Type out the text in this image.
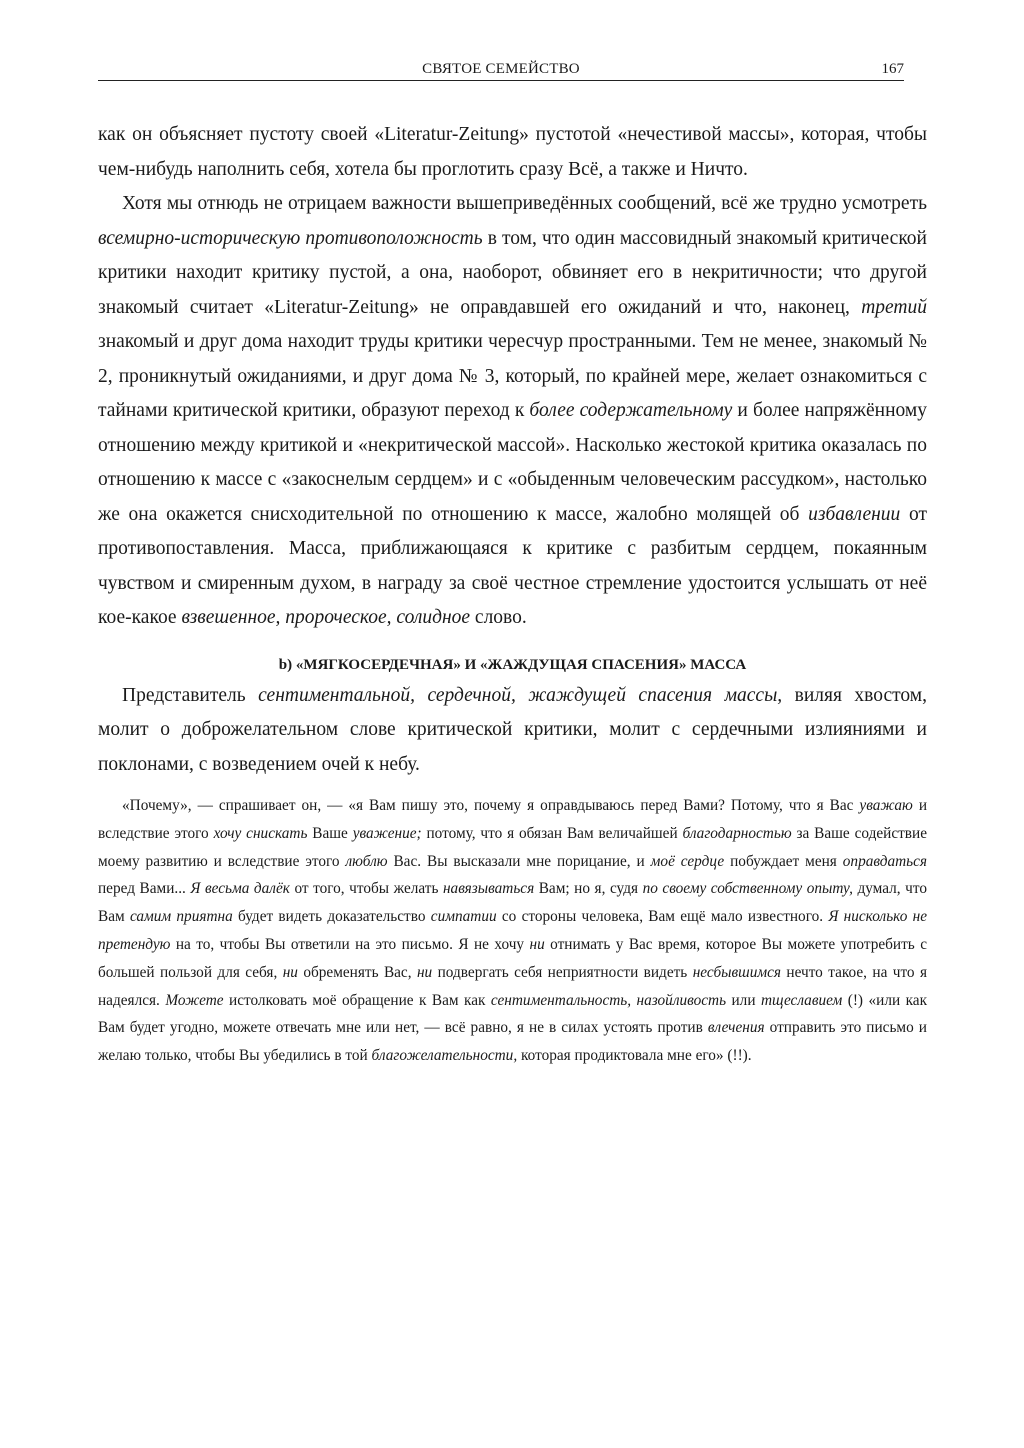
СВЯТОЕ СЕМЕЙСТВО	167

как он объясняет пустоту своей «Literatur-Zeitung» пустотой «нечестивой массы», которая, чтобы чем-нибудь наполнить себя, хотела бы проглотить сразу Всё, а также и Ничто.

Хотя мы отнюдь не отрицаем важности вышеприведённых сообщений, всё же трудно усмотреть всемирно-историческую противоположность в том, что один массовидный знакомый критической критики находит критику пустой, а она, наоборот, обвиняет его в некритичности; что другой знакомый считает «Literatur-Zeitung» не оправдавшей его ожиданий и что, наконец, третий знакомый и друг дома находит труды критики чересчур пространными. Тем не менее, знакомый № 2, проникнутый ожиданиями, и друг дома № 3, который, по крайней мере, желает ознакомиться с тайнами критической критики, образуют переход к более содержательному и более напряжённому отношению между критикой и «некритической массой». Насколько жестокой критика оказалась по отношению к массе с «закоснелым сердцем» и с «обыденным человеческим рассудком», настолько же она окажется снисходительной по отношению к массе, жалобно молящей об избавлении от противопоставления. Масса, приближающаяся к критике с разбитым сердцем, покаянным чувством и смиренным духом, в награду за своё честное стремление удостоится услышать от неё кое-какое взвешенное, пророческое, солидное слово.

b) «МЯГКОСЕРДЕЧНАЯ» И «ЖАЖДУЩАЯ СПАСЕНИЯ» МАССА

Представитель сентиментальной, сердечной, жаждущей спасения массы, виляя хвостом, молит о доброжелательном слове критической критики, молит с сердечными излияниями и поклонами, с возведением очей к небу.

«Почему», — спрашивает он, — «я Вам пишу это, почему я оправдываюсь перед Вами? Потому, что я Вас уважаю и вследствие этого хочу снискать Ваше уважение; потому, что я обязан Вам величайшей благодарностью за Ваше содействие моему развитию и вследствие этого люблю Вас. Вы высказали мне порицание, и моё сердце побуждает меня оправдаться перед Вами... Я весьма далёк от того, чтобы желать навязываться Вам; но я, судя по своему собственному опыту, думал, что Вам самим приятна будет видеть доказательство симпатии со стороны человека, Вам ещё мало известного. Я нисколько не претендую на то, чтобы Вы ответили на это письмо. Я не хочу ни отнимать у Вас время, которое Вы можете употребить с большей пользой для себя, ни обременять Вас, ни подвергать себя неприятности видеть несбывшимся нечто такое, на что я надеялся. Можете истолковать моё обращение к Вам как сентиментальность, назойливость или тщеславием (!) «или как Вам будет угодно, можете отвечать мне или нет, — всё равно, я не в силах устоять против влечения отправить это письмо и желаю только, чтобы Вы убедились в той благожелательности, которая продиктовала мне его» (!!).
